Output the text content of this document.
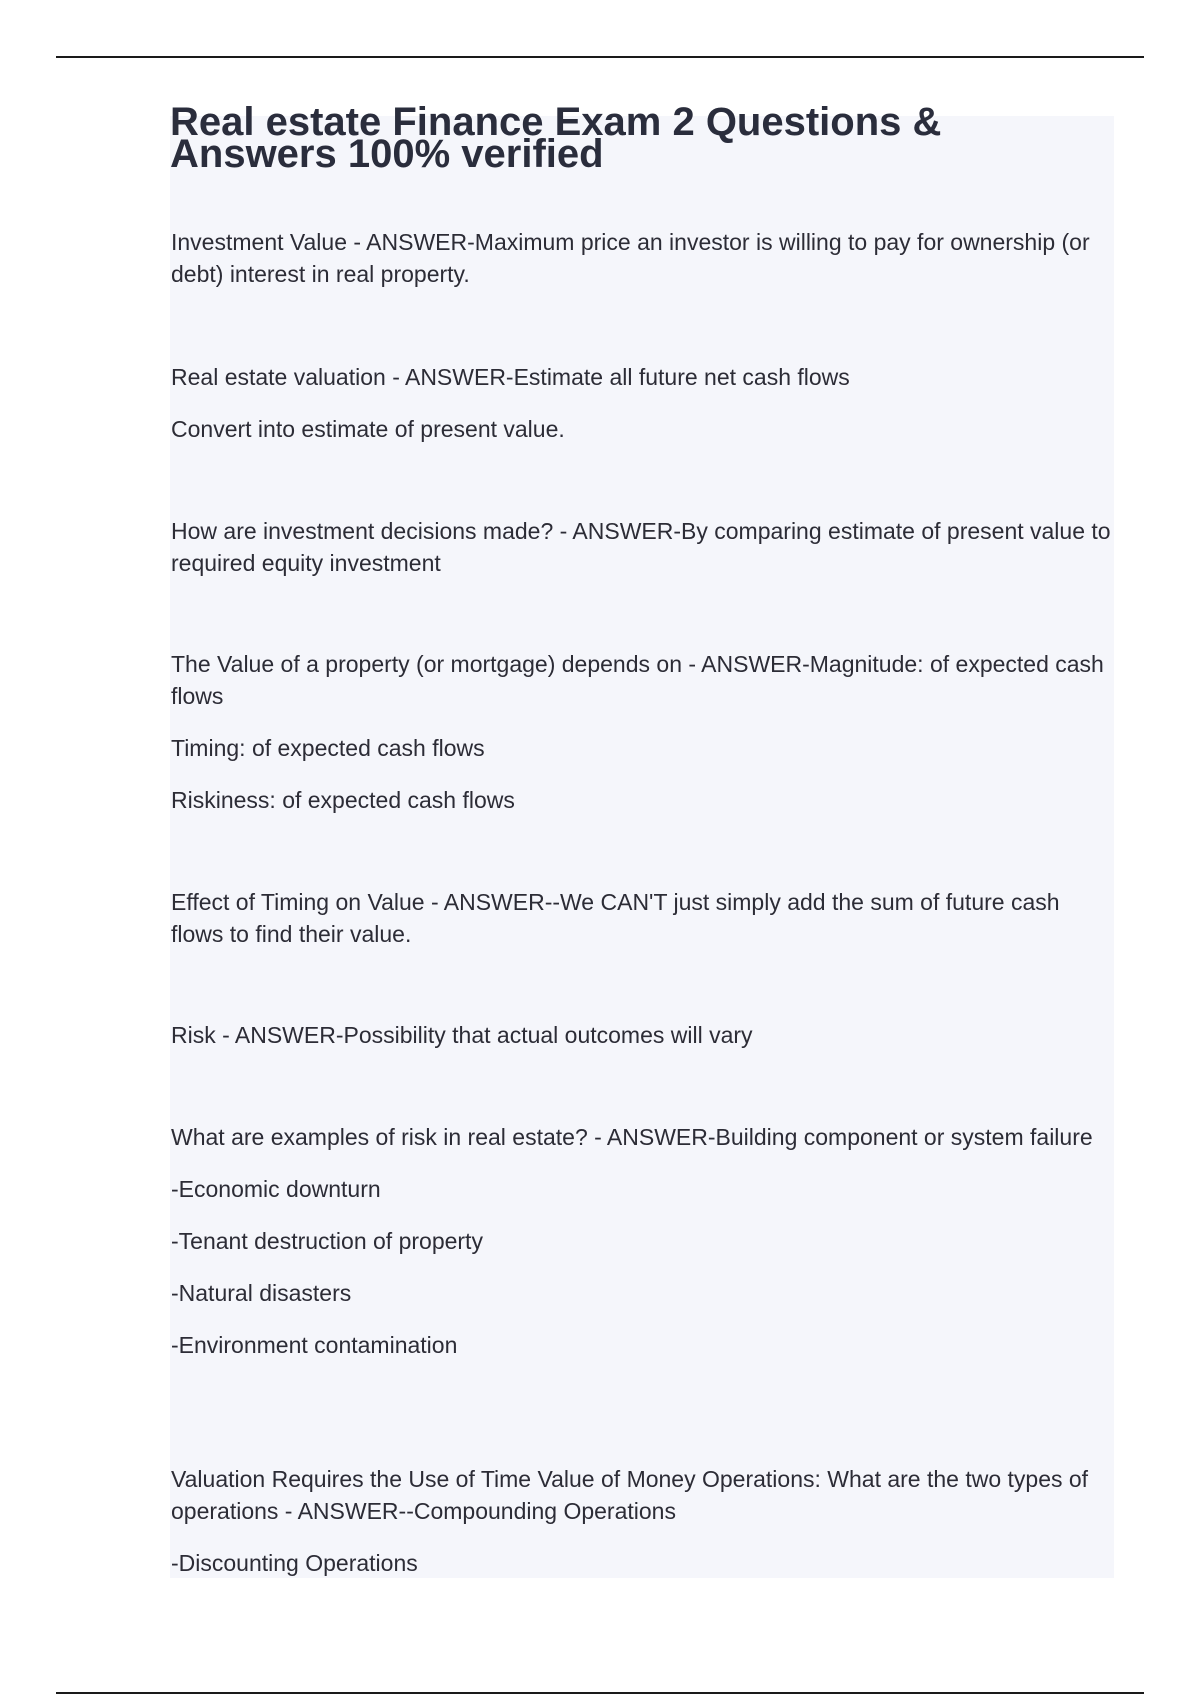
Real estate Finance Exam 2 Questions & Answers 100% verified

Investment Value - ANSWER-Maximum price an investor is willing to pay for ownership (or debt) interest in real property.

Real estate valuation - ANSWER-Estimate all future net cash flows

Convert into estimate of present value.

How are investment decisions made? - ANSWER-By comparing estimate of present value to required equity investment

The Value of a property (or mortgage) depends on - ANSWER-Magnitude: of expected cash flows

Timing: of expected cash flows

Riskiness: of expected cash flows

Effect of Timing on Value - ANSWER--We CAN'T just simply add the sum of future cash flows to find their value.

Risk - ANSWER-Possibility that actual outcomes will vary

What are examples of risk in real estate? - ANSWER-Building component or system failure

-Economic downturn

-Tenant destruction of property

-Natural disasters

-Environment contamination

Valuation Requires the Use of Time Value of Money Operations: What are the two types of operations - ANSWER--Compounding Operations

-Discounting Operations
